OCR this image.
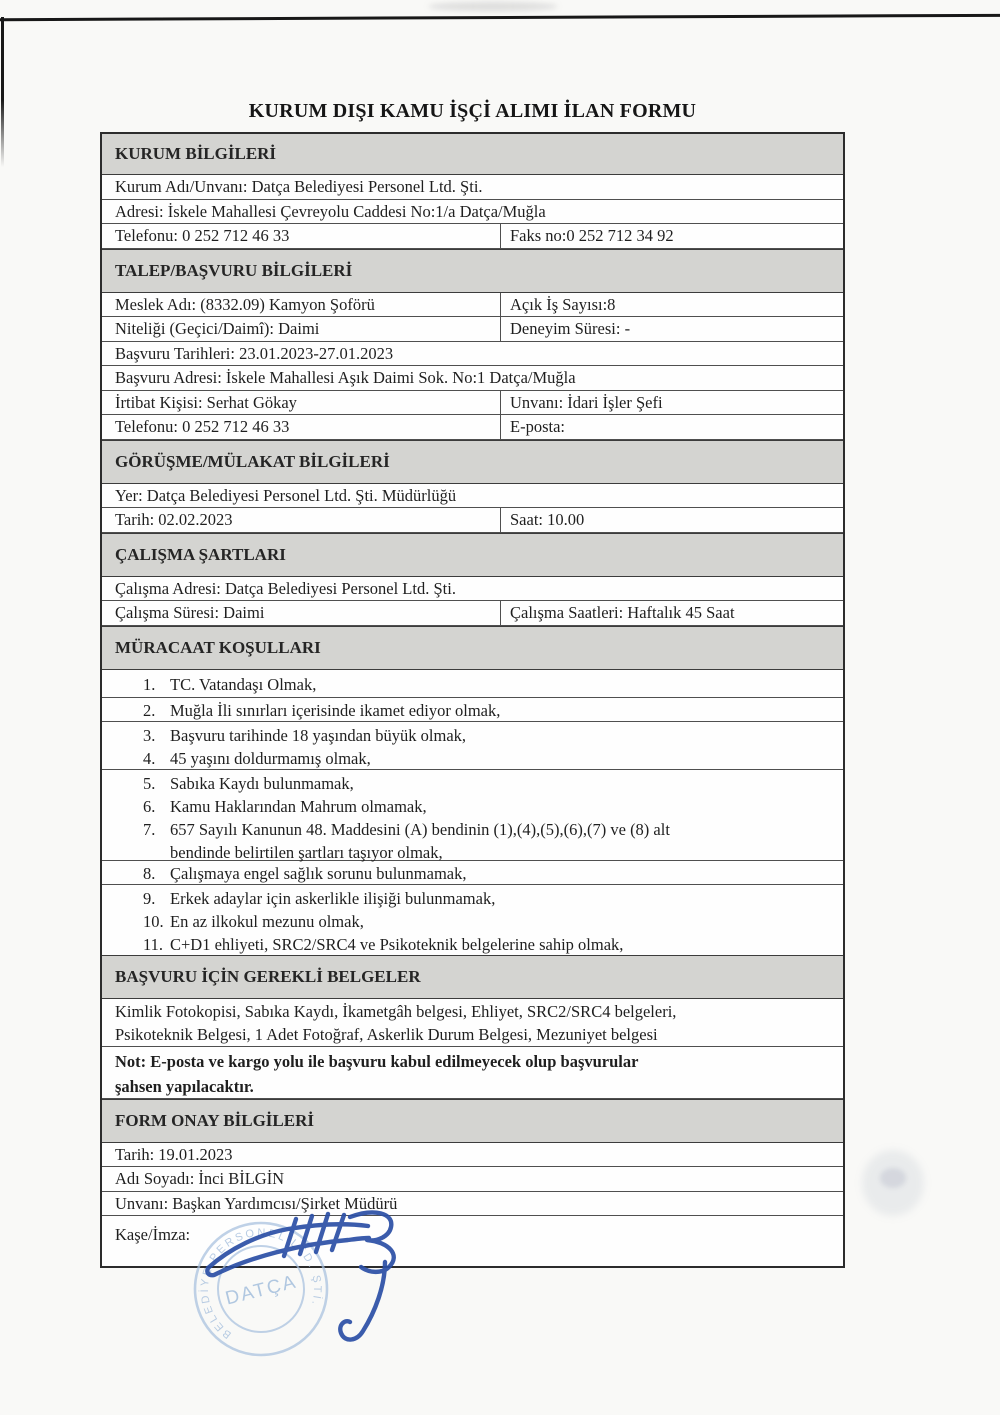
KURUM DIŞI KAMU İŞÇİ ALIMI İLAN FORMU
KURUM BİLGİLERİ
Kurum Adı/Unvanı: Datça Belediyesi Personel Ltd. Şti.
Adresi: İskele Mahallesi Çevreyolu Caddesi No:1/a Datça/Muğla
Telefonu: 0 252 712 46 33	Faks no:0 252 712 34 92
TALEP/BAŞVURU BİLGİLERİ
Meslek Adı: (8332.09) Kamyon Şoförü	Açık İş Sayısı:8
Niteliği (Geçici/Daimî): Daimi	Deneyim Süresi: -
Başvuru Tarihleri: 23.01.2023-27.01.2023
Başvuru Adresi: İskele Mahallesi Aşık Daimi Sok. No:1 Datça/Muğla
İrtibat Kişisi: Serhat Gökay	Unvanı: İdari İşler Şefi
Telefonu: 0 252 712 46 33	E-posta:
GÖRÜŞME/MÜLAKAT BİLGİLERİ
Yer: Datça Belediyesi Personel Ltd. Şti. Müdürlüğü
Tarih: 02.02.2023	Saat: 10.00
ÇALIŞMA ŞARTLARI
Çalışma Adresi: Datça Belediyesi Personel Ltd. Şti.
Çalışma Süresi: Daimi	Çalışma Saatleri: Haftalık 45 Saat
MÜRACAAT KOŞULLARI
1. TC. Vatandaşı Olmak,
2. Muğla İli sınırları içerisinde ikamet ediyor olmak,
3. Başvuru tarihinde 18 yaşından büyük olmak,
4. 45 yaşını doldurmamış olmak,
5. Sabıka Kaydı bulunmamak,
6. Kamu Haklarından Mahrum olmamak,
7. 657 Sayılı Kanunun 48. Maddesini (A) bendinin (1),(4),(5),(6),(7) ve (8) alt
bendinde belirtilen şartları taşıyor olmak,
8. Çalışmaya engel sağlık sorunu bulunmamak,
9. Erkek adaylar için askerlikle ilişiği bulunmamak,
10. En az ilkokul mezunu olmak,
11. C+D1 ehliyeti, SRC2/SRC4 ve Psikoteknik belgelerine sahip olmak,
BAŞVURU İÇİN GEREKLİ BELGELER
Kimlik Fotokopisi, Sabıka Kaydı, İkametgâh belgesi, Ehliyet, SRC2/SRC4 belgeleri,
Psikoteknik Belgesi, 1 Adet Fotoğraf, Askerlik Durum Belgesi, Mezuniyet belgesi
Not: E-posta ve kargo yolu ile başvuru kabul edilmeyecek olup başvurular
şahsen yapılacaktır.
FORM ONAY BİLGİLERİ
Tarih: 19.01.2023
Adı Soyadı: İnci BİLGİN
Unvanı: Başkan Yardımcısı/Şirket Müdürü
Kaşe/İmza:
BELEDİYE PERSONEL LTD. ŞTİ.
DATÇA
